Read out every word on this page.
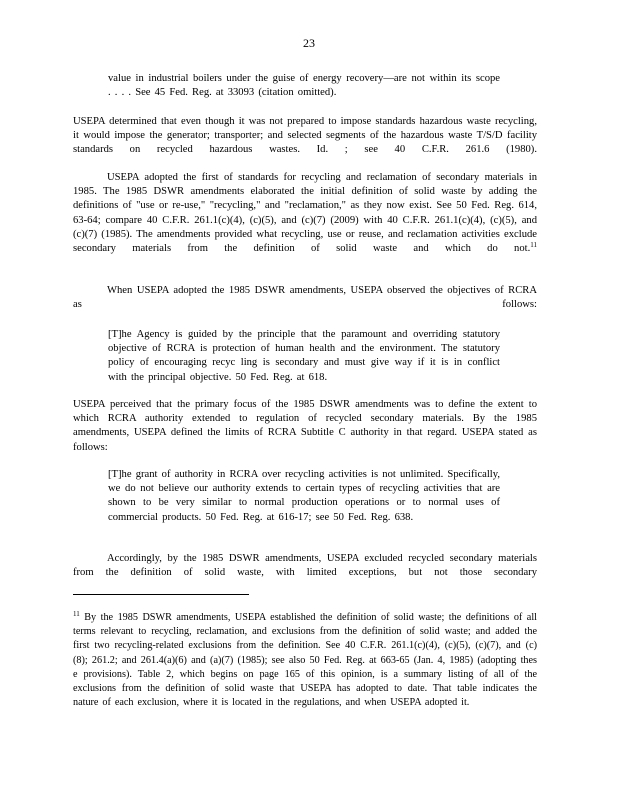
23

value in industrial boilers under the guise of energy recovery—are not within its scope . . . . See 45 Fed. Reg. at 33093 (citation omitted).

USEPA determined that even though it was not prepared to impose standards hazardous waste recycling, it would impose the generator; transporter; and selected segments of the hazardous waste T/S/D facility standards on recycled hazardous wastes. Id. ; see 40 C.F.R. 261.6 (1980).

USEPA adopted the first of standards for recycling and reclamation of secondary materials in 1985. The 1985 DSWR amendments elaborated the initial definition of solid waste by adding the definitions of "use or re-use," "recycling," and "reclamation," as they now exist. See 50 Fed. Reg. 614, 63-64; compare 40 C.F.R. 261.1(c)(4), (c)(5), and (c)(7) (2009) with 40 C.F.R. 261.1(c)(4), (c)(5), and (c)(7) (1985). The amendments provided what recycling, use or reuse, and reclamation activities exclude secondary materials from the definition of solid waste and which do not.$^{11}$

When USEPA adopted the 1985 DSWR amendments, USEPA observed the objectives of RCRA as follows:

[T]he Agency is guided by the principle that the paramount and overriding statutory objective of RCRA is protection of human health and the environment. The statutory policy of encouraging recyc ling is secondary and must give way if it is in conflict with the principal objective. 50 Fed. Reg. at 618.

USEPA perceived that the primary focus of the 1985 DSWR amendments was to define the extent to which RCRA authority extended to regulation of recycled secondary materials. By the 1985 amendments, USEPA defined the limits of RCRA Subtitle C authority in that regard. USEPA stated as follows:

[T]he grant of authority in RCRA over recycling activities is not unlimited. Specifically, we do not believe our authority extends to certain types of recycling activities that are shown to be very similar to normal production operations or to normal uses of commercial products. 50 Fed. Reg. at 616-17; see 50 Fed. Reg. 638.

Accordingly, by the 1985 DSWR amendments, USEPA excluded recycled secondary materials from the definition of solid waste, with limited exceptions, but not those secondary

$^{11}$ By the 1985 DSWR amendments, USEPA established the definition of solid waste; the definitions of all terms relevant to recycling, reclamation, and exclusions from the definition of solid waste; and added the first two recycling-related exclusions from the definition. See 40 C.F.R. 261.1(c)(4), (c)(5), (c)(7), and (c)(8); 261.2; and 261.4(a)(6) and (a)(7) (1985); see also 50 Fed. Reg. at 663-65 (Jan. 4, 1985) (adopting thes e provisions). Table 2, which begins on page 165 of this opinion, is a summary listing of all of the exclusions from the definition of solid waste that USEPA has adopted to date. That table indicates the nature of each exclusion, where it is located in the regulations, and when USEPA adopted it.
